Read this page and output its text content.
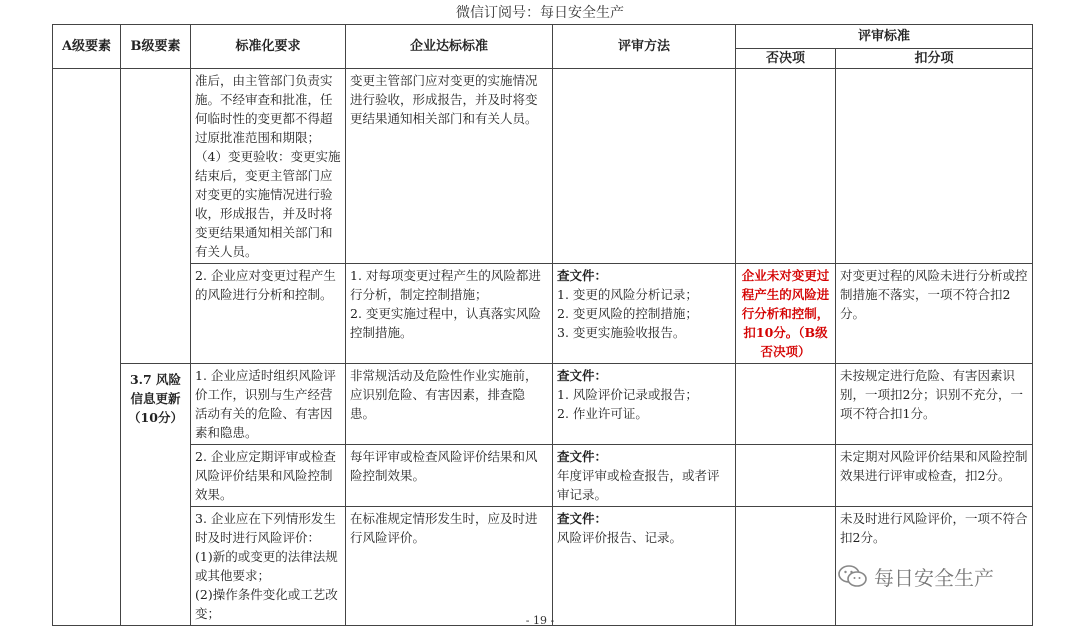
微信订阅号：每日安全生产
A级要素	B级要素	标准化要求	企业达标标准	评审方法	评审标准	
					否决项	扣分项

		准后，由主管部门负责实施。不经审查和批准，任何临时性的变更都不得超过原批准范围和期限；
（4）变更验收：变更实施结束后，变更主管部门应对变更的实施情况进行验收，形成报告，并及时将变更结果通知相关部门和有关人员。	变更主管部门应对变更的实施情况进行验收，形成报告，并及时将变更结果通知相关部门和有关人员。			

		2. 企业应对变更过程产生的风险进行分析和控制。	1. 对每项变更过程产生的风险都进行分析，制定控制措施；
2. 变更实施过程中，认真落实风险控制措施。	查文件：
1. 变更的风险分析记录；
2. 变更风险的控制措施；
3. 变更实施验收报告。	企业未对变更过程产生的风险进行分析和控制，扣10分。（B级否决项）	对变更过程的风险未进行分析或控制措施不落实，一项不符合扣2分。
	3.7 风险信息更新（10分）	1. 企业应适时组织风险评价工作，识别与生产经营活动有关的危险、有害因素和隐患。	非常规活动及危险性作业实施前，应识别危险、有害因素，排查隐患。	查文件：
1. 风险评价记录或报告；
2. 作业许可证。		未按规定进行危险、有害因素识别，一项扣2分；识别不充分，一项不符合扣1分。

		2. 企业应定期评审或检查风险评价结果和风险控制效果。	每年评审或检查风险评价结果和风险控制效果。	查文件：
年度评审或检查报告，或者评审记录。		未定期对风险评价结果和风险控制效果进行评审或检查，扣2分。

		3. 企业应在下列情形发生时及时进行风险评价：
(1)新的或变更的法律法规或其他要求；
(2)操作条件变化或工艺改变；	在标准规定情形发生时，应及时进行风险评价。	查文件：
风险评价报告、记录。		未及时进行风险评价，一项不符合扣2分。
每日安全生产
- 19 -
